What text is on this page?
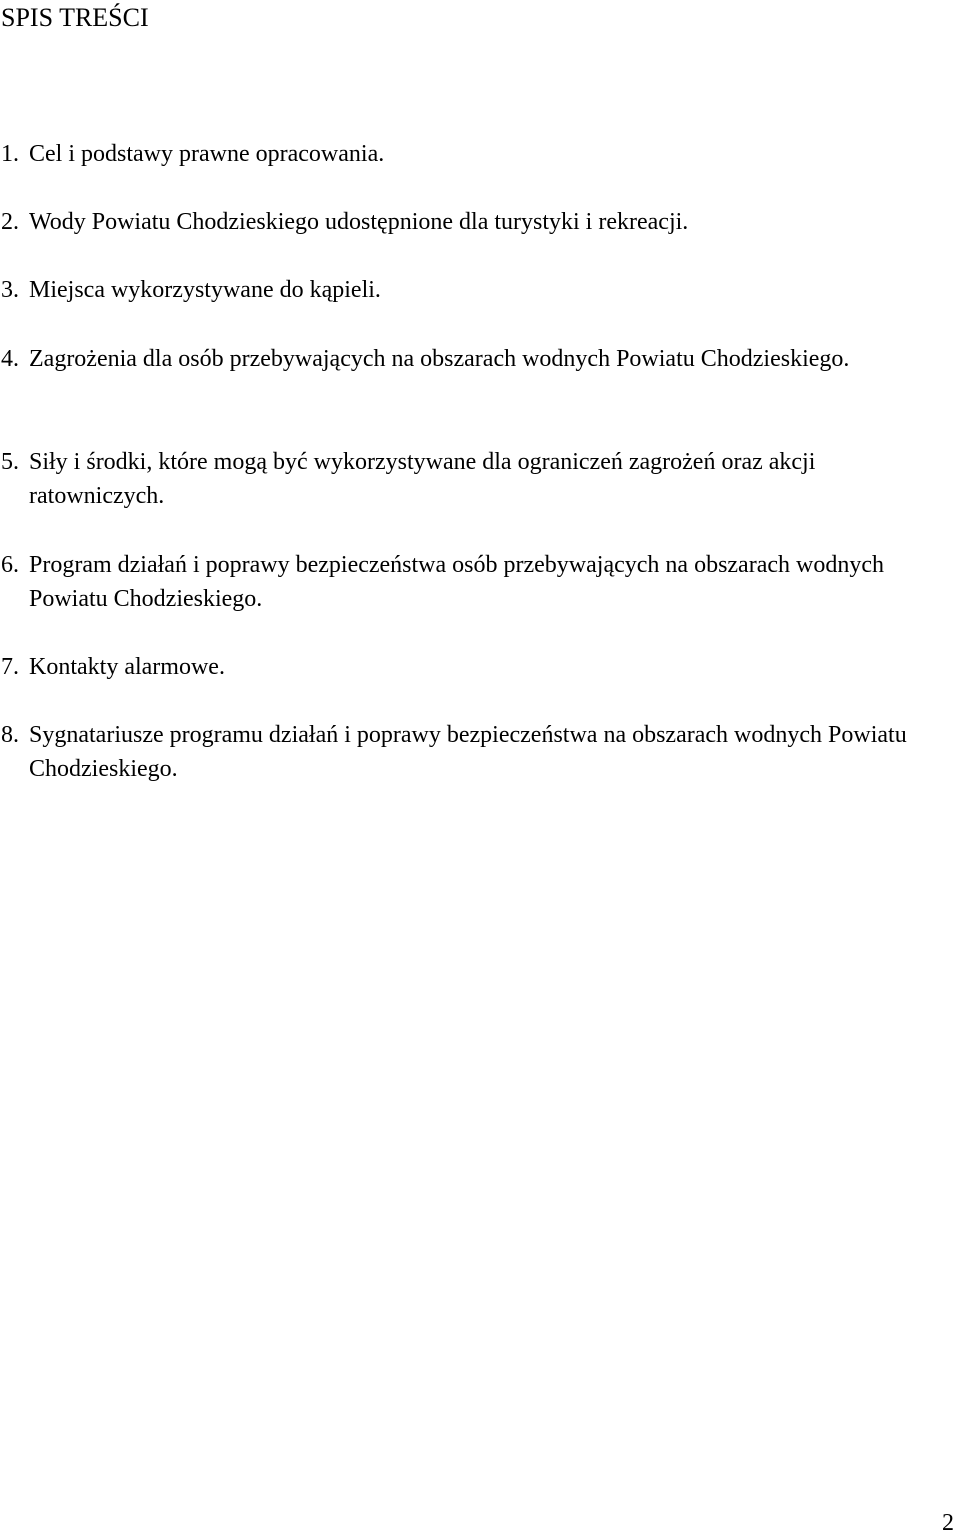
SPIS TREŚCI
1. Cel i podstawy prawne opracowania.
2. Wody Powiatu Chodzieskiego udostępnione dla turystyki i rekreacji.
3. Miejsca wykorzystywane do kąpieli.
4. Zagrożenia dla osób przebywających na obszarach wodnych Powiatu Chodzieskiego.
5. Siły i środki, które mogą być wykorzystywane dla ograniczeń zagrożeń oraz akcji ratowniczych.
6. Program działań i poprawy bezpieczeństwa osób przebywających na obszarach wodnych Powiatu Chodzieskiego.
7. Kontakty alarmowe.
8. Sygnatariusze programu działań i poprawy bezpieczeństwa na obszarach wodnych Powiatu Chodzieskiego.
2
